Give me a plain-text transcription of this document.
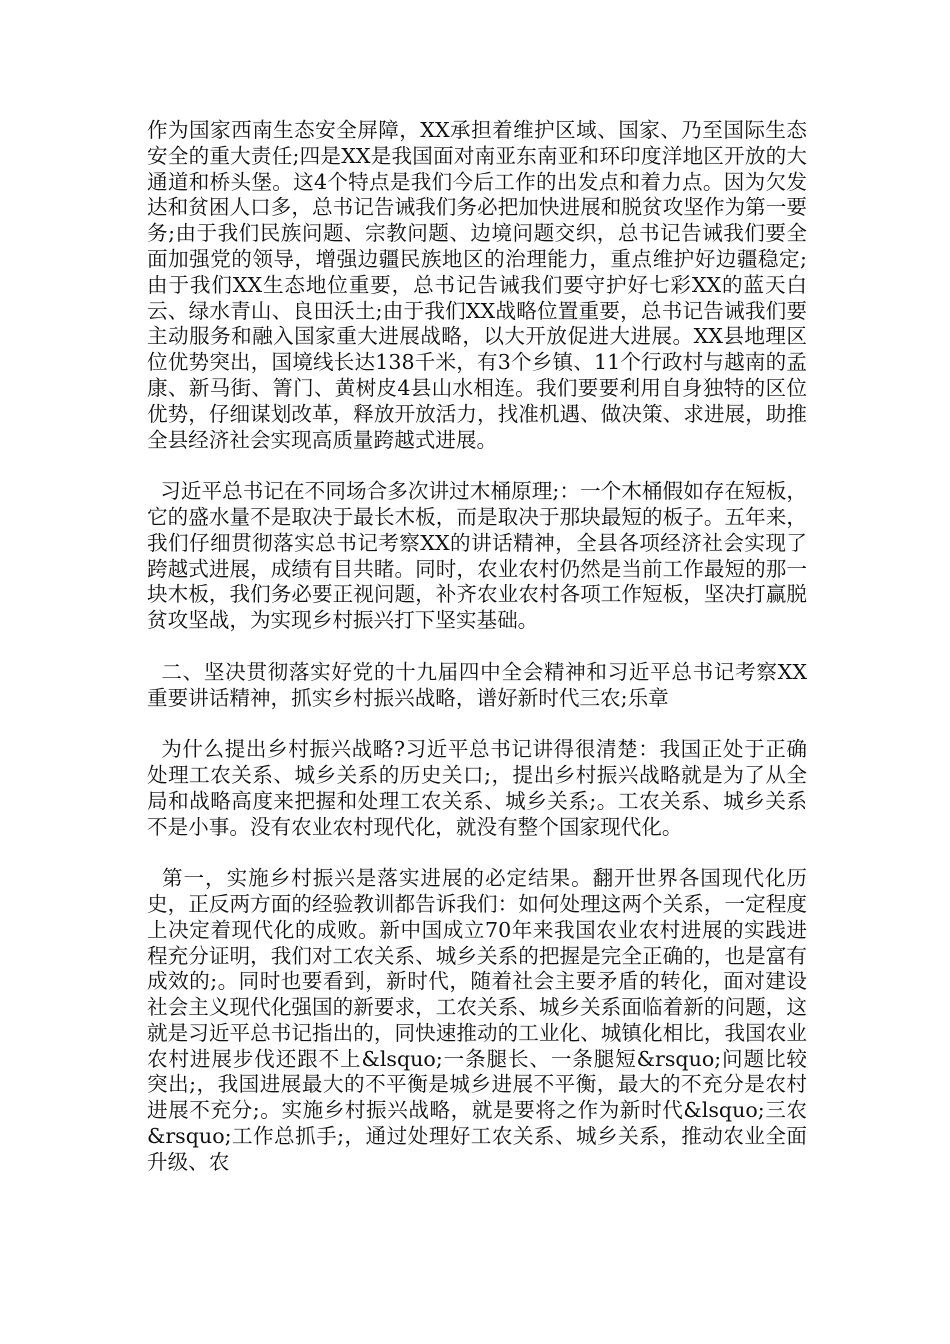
作为国家西南生态安全屏障，XX承担着维护区域、国家、乃至国际生态安全的重大责任;四是XX是我国面对南亚东南亚和环印度洋地区开放的大通道和桥头堡。这4个特点是我们今后工作的出发点和着力点。因为欠发达和贫困人口多，总书记告诫我们务必把加快进展和脱贫攻坚作为第一要务;由于我们民族问题、宗教问题、边境问题交织，总书记告诫我们要全面加强党的领导，增强边疆民族地区的治理能力，重点维护好边疆稳定;由于我们XX生态地位重要，总书记告诫我们要守护好七彩XX的蓝天白云、绿水青山、良田沃土;由于我们XX战略位置重要，总书记告诫我们要主动服务和融入国家重大进展战略，以大开放促进大进展。XX县地理区位优势突出，国境线长达138千米，有3个乡镇、11个行政村与越南的孟康、新马街、箐门、黄树皮4县山水相连。我们要要利用自身独特的区位优势，仔细谋划改革，释放开放活力，找准机遇、做决策、求进展，助推全县经济社会实现高质量跨越式进展。

习近平总书记在不同场合多次讲过木桶原理;：一个木桶假如存在短板，它的盛水量不是取决于最长木板，而是取决于那块最短的板子。五年来，我们仔细贯彻落实总书记考察XX的讲话精神，全县各项经济社会实现了跨越式进展，成绩有目共睹。同时，农业农村仍然是当前工作最短的那一块木板，我们务必要正视问题，补齐农业农村各项工作短板，坚决打赢脱贫攻坚战，为实现乡村振兴打下坚实基础。

二、坚决贯彻落实好党的十九届四中全会精神和习近平总书记考察XX重要讲话精神，抓实乡村振兴战略，谱好新时代三农;乐章

为什么提出乡村振兴战略?习近平总书记讲得很清楚：我国正处于正确处理工农关系、城乡关系的历史关口;，提出乡村振兴战略就是为了从全局和战略高度来把握和处理工农关系、城乡关系;。工农关系、城乡关系不是小事。没有农业农村现代化，就没有整个国家现代化。

第一，实施乡村振兴是落实进展的必定结果。翻开世界各国现代化历史，正反两方面的经验教训都告诉我们：如何处理这两个关系，一定程度上决定着现代化的成败。新中国成立70年来我国农业农村进展的实践进程充分证明，我们对工农关系、城乡关系的把握是完全正确的，也是富有成效的;。同时也要看到，新时代，随着社会主要矛盾的转化，面对建设社会主义现代化强国的新要求，工农关系、城乡关系面临着新的问题，这就是习近平总书记指出的，同快速推动的工业化、城镇化相比，我国农业农村进展步伐还跟不上&lsquo;一条腿长、一条腿短&rsquo;问题比较突出;，我国进展最大的不平衡是城乡进展不平衡，最大的不充分是农村进展不充分;。实施乡村振兴战略，就是要将之作为新时代&lsquo;三农&rsquo;工作总抓手;，通过处理好工农关系、城乡关系，推动农业全面升级、农
